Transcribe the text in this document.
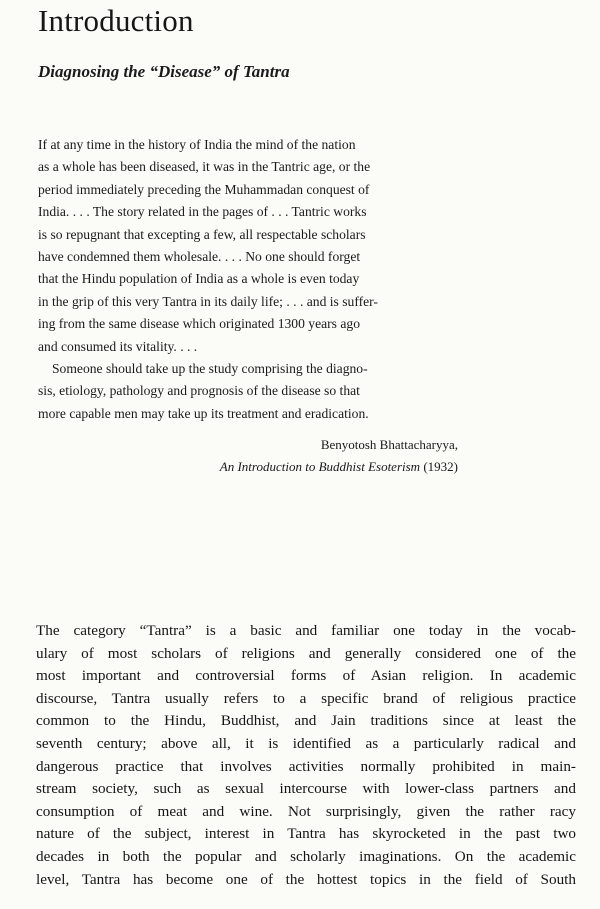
Introduction
Diagnosing the “Disease” of Tantra
If at any time in the history of India the mind of the nation
as a whole has been diseased, it was in the Tantric age, or the
period immediately preceding the Muhammadan conquest of
India. . . . The story related in the pages of . . . Tantric works
is so repugnant that excepting a few, all respectable scholars
have condemned them wholesale. . . . No one should forget
that the Hindu population of India as a whole is even today
in the grip of this very Tantra in its daily life; . . . and is suffer-
ing from the same disease which originated 1300 years ago
and consumed its vitality. . . .
Someone should take up the study comprising the diagno-
sis, etiology, pathology and prognosis of the disease so that
more capable men may take up its treatment and eradication.
Benyotosh Bhattacharyya,
An Introduction to Buddhist Esoterism (1932)
The category “Tantra” is a basic and familiar one today in the vocab-
ulary of most scholars of religions and generally considered one of the
most important and controversial forms of Asian religion. In academic
discourse, Tantra usually refers to a specific brand of religious practice
common to the Hindu, Buddhist, and Jain traditions since at least the
seventh century; above all, it is identified as a particularly radical and
dangerous practice that involves activities normally prohibited in main-
stream society, such as sexual intercourse with lower-class partners and
consumption of meat and wine. Not surprisingly, given the rather racy
nature of the subject, interest in Tantra has skyrocketed in the past two
decades in both the popular and scholarly imaginations. On the academic
level, Tantra has become one of the hottest topics in the field of South
